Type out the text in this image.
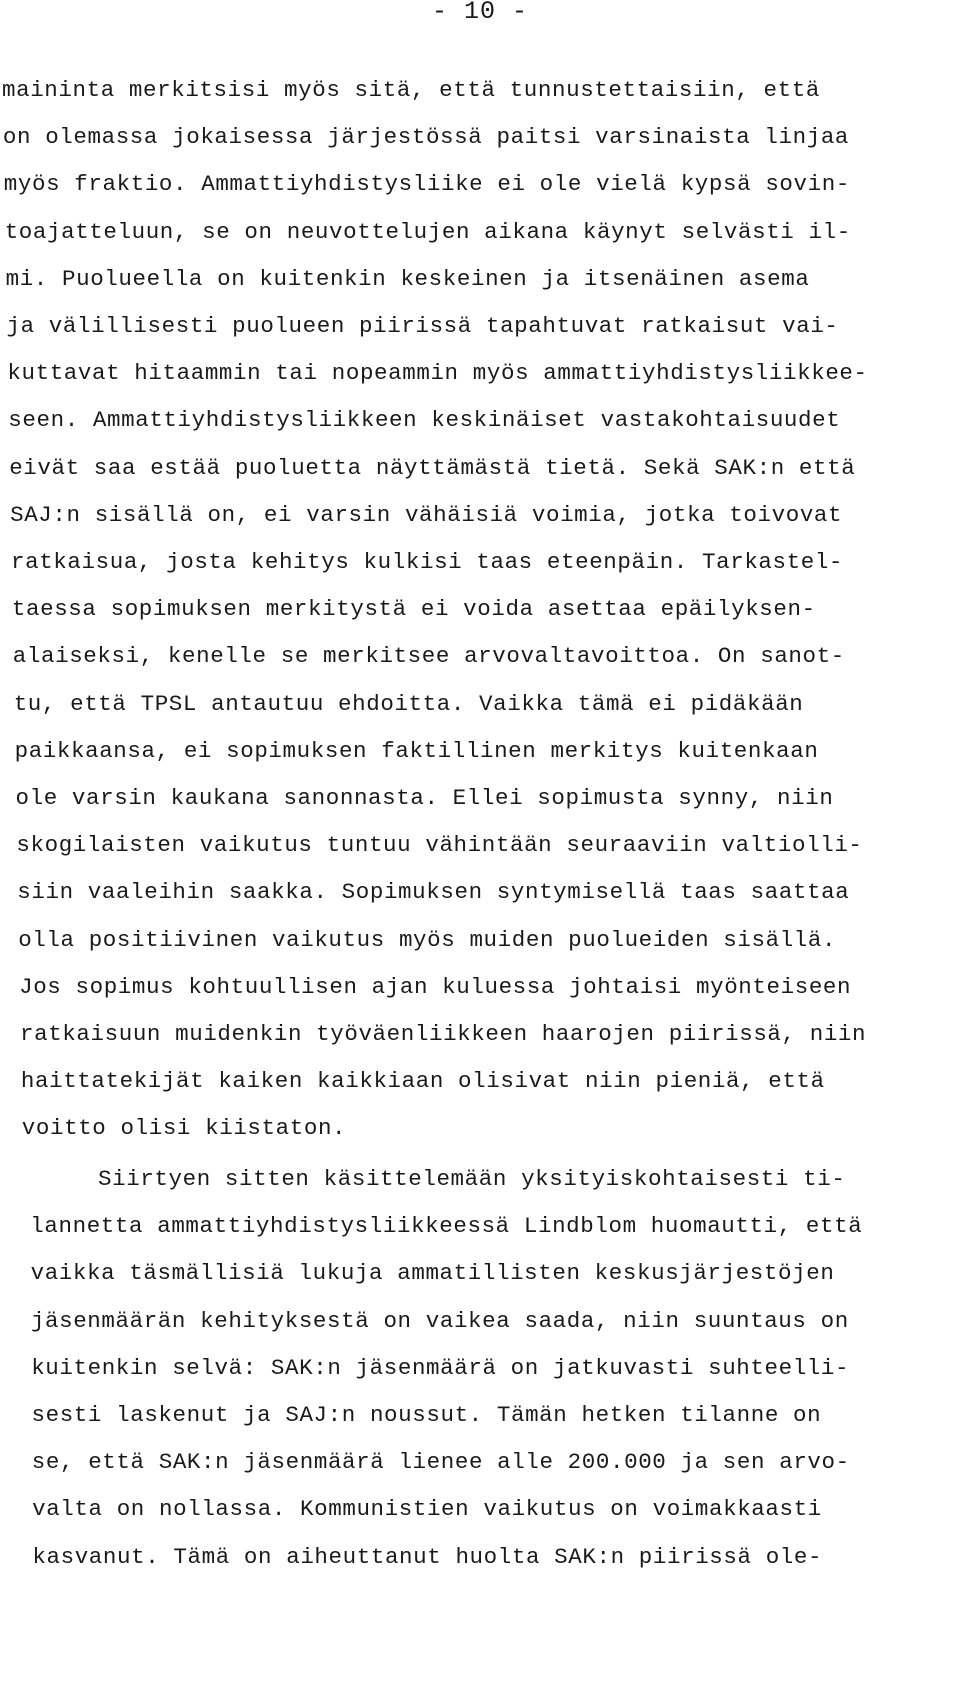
- 10 -
maininta merkitsisi myös sitä, että tunnustettaisiin, että
on olemassa jokaisessa järjestössä paitsi varsinaista linjaa
myös fraktio. Ammattiyhdistysliike ei ole vielä kypsä sovin-
toajatteluun, se on neuvottelujen aikana käynyt selvästi il-
mi. Puolueella on kuitenkin keskeinen ja itsenäinen asema
ja välillisesti puolueen piirissä tapahtuvat ratkaisut vai-
kuttavat hitaammin tai nopeammin myös ammattiyhdistysliikkee-
seen. Ammattiyhdistysliikkeen keskinäiset vastakohtaisuudet
eivät saa estää puoluetta näyttämästä tietä. Sekä SAK:n että
SAJ:n sisällä on, ei varsin vähäisiä voimia, jotka toivovat
ratkaisua, josta kehitys kulkisi taas eteenpäin. Tarkastel-
taessa sopimuksen merkitystä ei voida asettaa epäilyksen-
alaiseksi, kenelle se merkitsee arvovaltavoittoa. On sanot-
tu, että TPSL antautuu ehdoitta. Vaikka tämä ei pidäkään
paikkaansa, ei sopimuksen faktillinen merkitys kuitenkaan
ole varsin kaukana sanonnasta. Ellei sopimusta synny, niin
skogilaisten vaikutus tuntuu vähintään seuraaviin valtiolli-
siin vaaleihin saakka. Sopimuksen syntymisellä taas saattaa
olla positiivinen vaikutus myös muiden puolueiden sisällä.
Jos sopimus kohtuullisen ajan kuluessa johtaisi myönteiseen
ratkaisuun muidenkin työväenliikkeen haarojen piirissä, niin
haittatekijät kaiken kaikkiaan olisivat niin pieniä, että
voitto olisi kiistaton.
Siirtyen sitten käsittelemään yksityiskohtaisesti ti-
lannetta ammattiyhdistysliikkeessä Lindblom huomautti, että
vaikka täsmällisiä lukuja ammatillisten keskusjärjestöjen
jäsenmäärän kehityksestä on vaikea saada, niin suuntaus on
kuitenkin selvä: SAK:n jäsenmäärä on jatkuvasti suhteelli-
sesti laskenut ja SAJ:n noussut. Tämän hetken tilanne on
se, että SAK:n jäsenmäärä lienee alle 200.000 ja sen arvo-
valta on nollassa. Kommunistien vaikutus on voimakkaasti
kasvanut. Tämä on aiheuttanut huolta SAK:n piirissä ole-
